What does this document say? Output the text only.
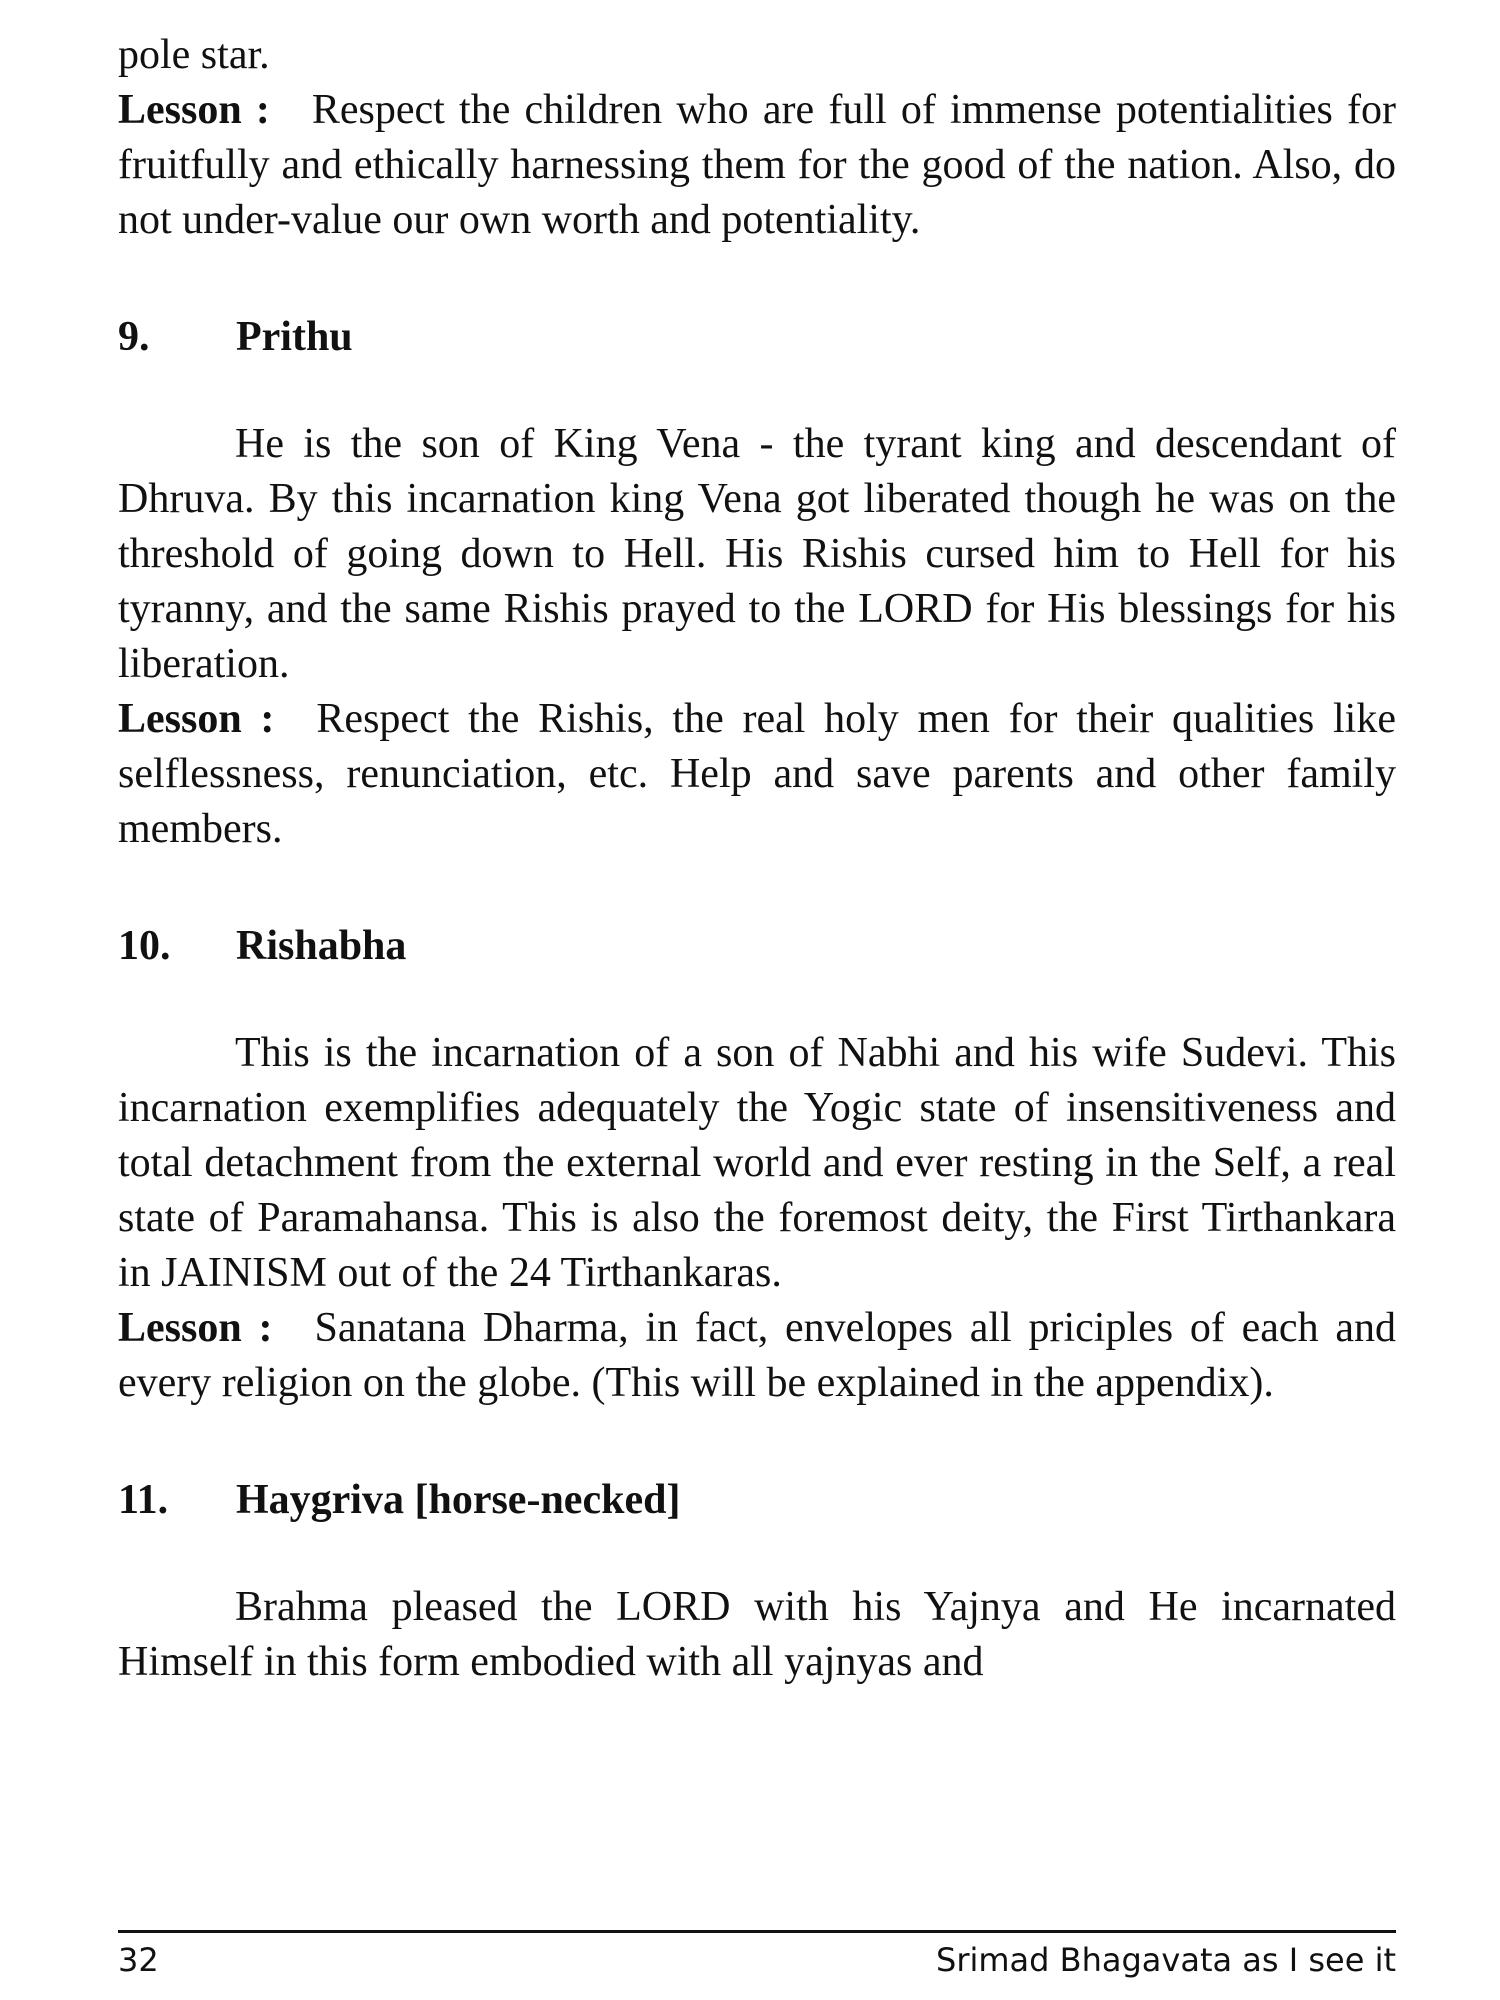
pole star.

Lesson : Respect the children who are full of immense potentialities for fruitfully and ethically harnessing them for the good of the nation. Also, do not under-value our own worth and potentiality.

9. Prithu

He is the son of King Vena - the tyrant king and descendant of Dhruva. By this incarnation king Vena got liberated though he was on the threshold of going down to Hell. His Rishis cursed him to Hell for his tyranny, and the same Rishis prayed to the LORD for His blessings for his liberation.

Lesson : Respect the Rishis, the real holy men for their qualities like selflessness, renunciation, etc. Help and save parents and other family members.

10. Rishabha

This is the incarnation of a son of Nabhi and his wife Sudevi. This incarnation exemplifies adequately the Yogic state of insensitiveness and total detachment from the external world and ever resting in the Self, a real state of Paramahansa. This is also the foremost deity, the First Tirthankara in JAINISM out of the 24 Tirthankaras.

Lesson : Sanatana Dharma, in fact, envelopes all priciples of each and every religion on the globe. (This will be explained in the appendix).

11. Haygriva [horse-necked]

Brahma pleased the LORD with his Yajnya and He incarnated Himself in this form embodied with all yajnyas and

32	Srimad Bhagavata as I see it
